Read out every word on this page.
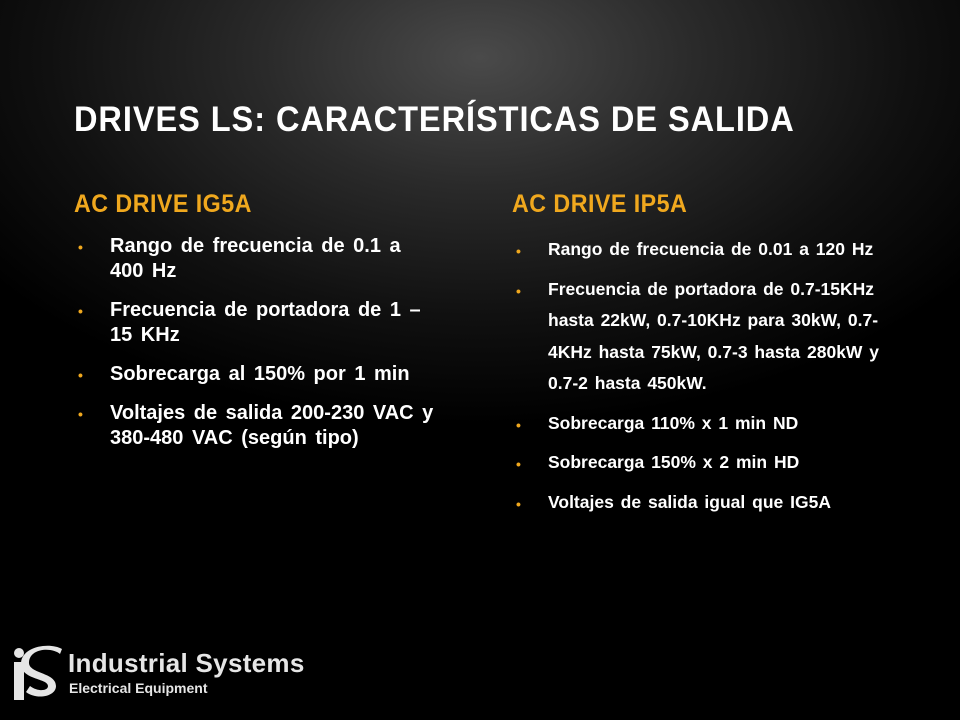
DRIVES LS: CARACTERÍSTICAS DE SALIDA
AC DRIVE IG5A
• Rango de frecuencia de 0.1 a 400 Hz
• Frecuencia de portadora de 1 – 15 KHz
• Sobrecarga al 150% por 1 min
• Voltajes de salida 200-230 VAC y 380-480 VAC (según tipo)
AC DRIVE IP5A
• Rango de frecuencia de 0.01 a 120 Hz
• Frecuencia de portadora de 0.7-15KHz hasta 22kW, 0.7-10KHz para 30kW, 0.7-4KHz hasta 75kW, 0.7-3 hasta 280kW y 0.7-2 hasta 450kW.
• Sobrecarga 110% x 1 min ND
• Sobrecarga 150% x 2 min HD
• Voltajes de salida igual que IG5A
Industrial Systems
Electrical Equipment
